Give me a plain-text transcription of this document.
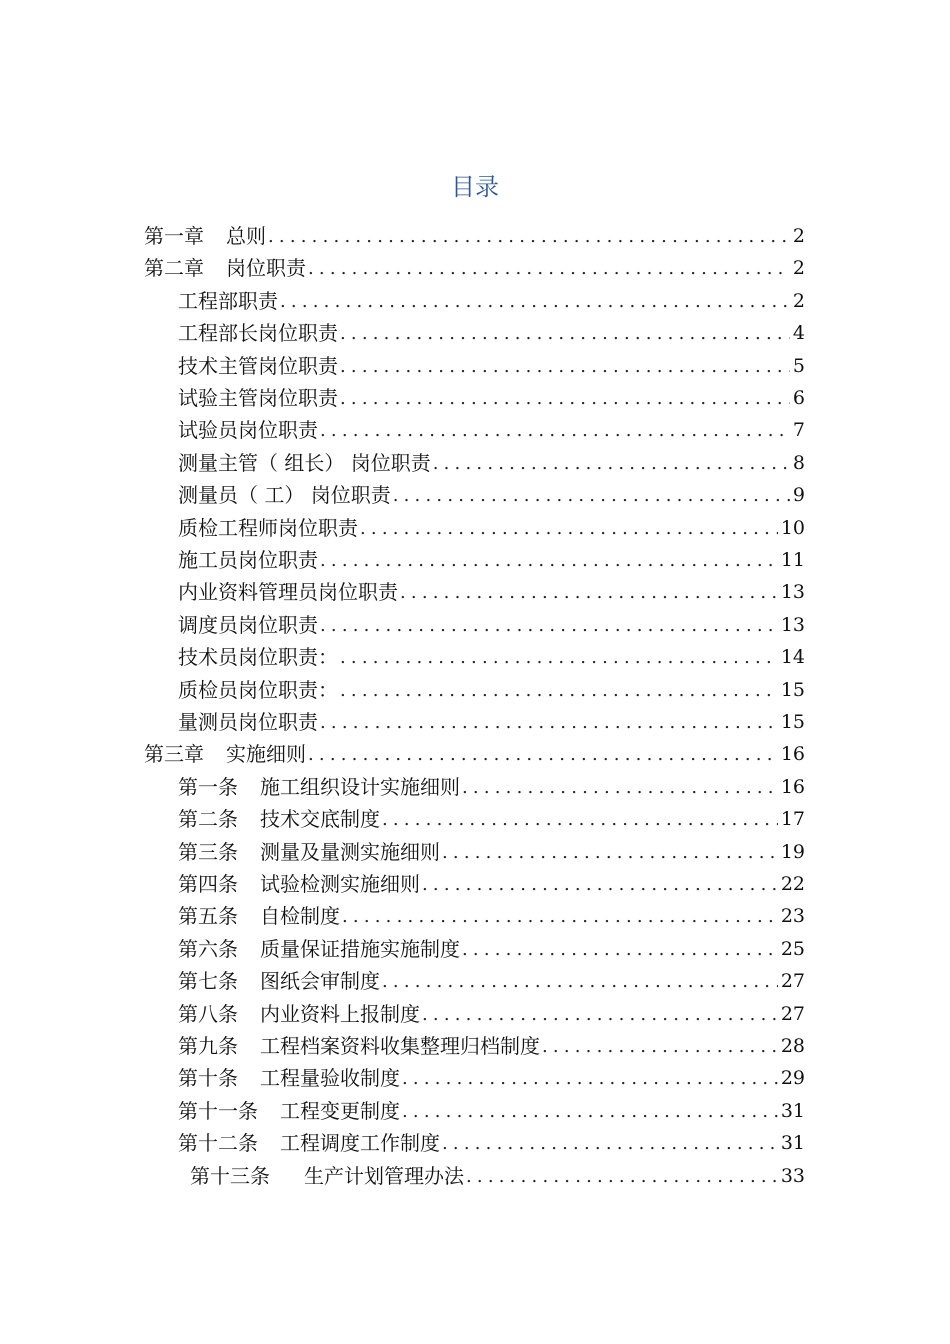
目录
第一章 总则 .....	2
第二章 岗位职责 .....	2
工程部职责 .....	2
工程部长岗位职责 .....	4
技术主管岗位职责 .....	5
试验主管岗位职责 .....	6
试验员岗位职责 .....	7
测量主管（ 组长） 岗位职责 .....	8
测量员（ 工） 岗位职责 .....	9
质检工程师岗位职责 .....	10
施工员岗位职责 .....	11
内业资料管理员岗位职责 .....	13
调度员岗位职责 .....	13
技术员岗位职责： .....	14
质检员岗位职责： .....	15
量测员岗位职责 .....	15
第三章 实施细则 .....	16
第一条 施工组织设计实施细则 .....	16
第二条 技术交底制度 .....	17
第三条 测量及量测实施细则 .....	19
第四条 试验检测实施细则 .....	22
第五条 自检制度 .....	23
第六条 质量保证措施实施制度 .....	25
第七条 图纸会审制度 .....	27
第八条 内业资料上报制度 .....	27
第九条 工程档案资料收集整理归档制度 .....	28
第十条 工程量验收制度 .....	29
第十一条 工程变更制度 .....	31
第十二条 工程调度工作制度 .....	31
第十三条 生产计划管理办法 .....	33
